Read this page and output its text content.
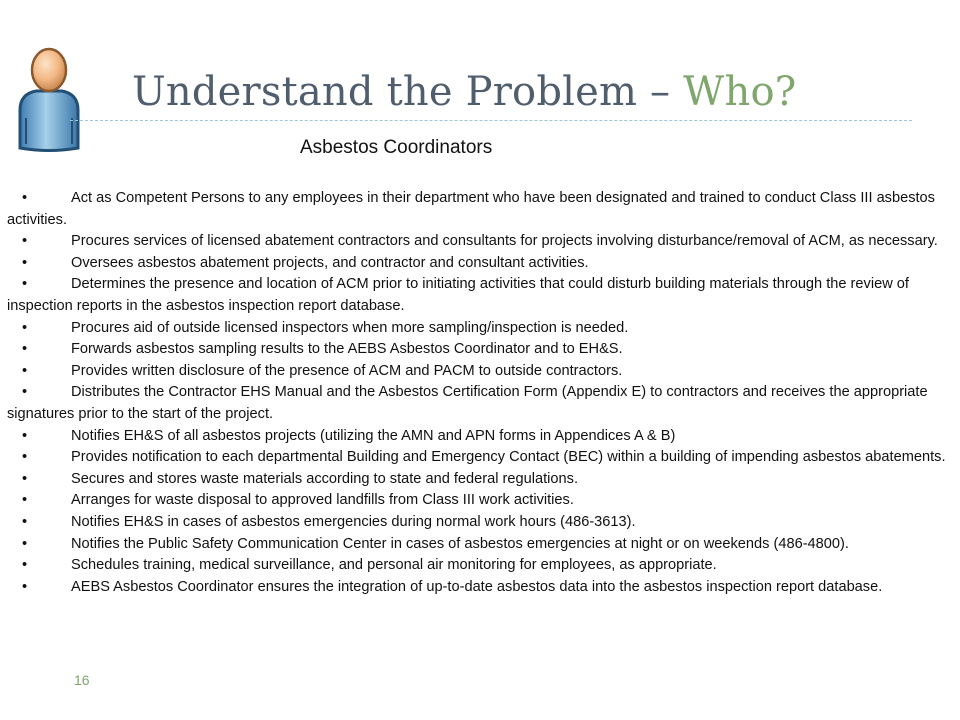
Understand the Problem – Who?
Asbestos Coordinators
•	Act as Competent Persons to any employees in their department who have been designated and trained to conduct Class III asbestos activities.
•	Procures services of licensed abatement contractors and consultants for projects involving disturbance/removal of ACM, as necessary.
•	Oversees asbestos abatement projects, and contractor and consultant activities.
•	Determines the presence and location of ACM prior to initiating activities that could disturb building materials through the review of inspection reports in the asbestos inspection report database.
•	Procures aid of outside licensed inspectors when more sampling/inspection is needed.
•	Forwards asbestos sampling results to the AEBS Asbestos Coordinator and to EH&S.
•	Provides written disclosure of the presence of ACM and PACM to outside contractors.
•	Distributes the Contractor EHS Manual and the Asbestos Certification Form (Appendix E) to contractors and receives the appropriate signatures prior to the start of the project.
•	Notifies EH&S of all asbestos projects (utilizing the AMN and APN forms in Appendices A & B)
•	Provides notification to each departmental Building and Emergency Contact (BEC) within a building of impending asbestos abatements.
•	Secures and stores waste materials according to state and federal regulations.
•	Arranges for waste disposal to approved landfills from Class III work activities.
•	Notifies EH&S in cases of asbestos emergencies during normal work hours (486-3613).
•	Notifies the Public Safety Communication Center in cases of asbestos emergencies at night or on weekends (486-4800).
•	Schedules training, medical surveillance, and personal air monitoring for employees, as appropriate.
•	AEBS Asbestos Coordinator ensures the integration of up-to-date asbestos data into the asbestos inspection report database.
16
